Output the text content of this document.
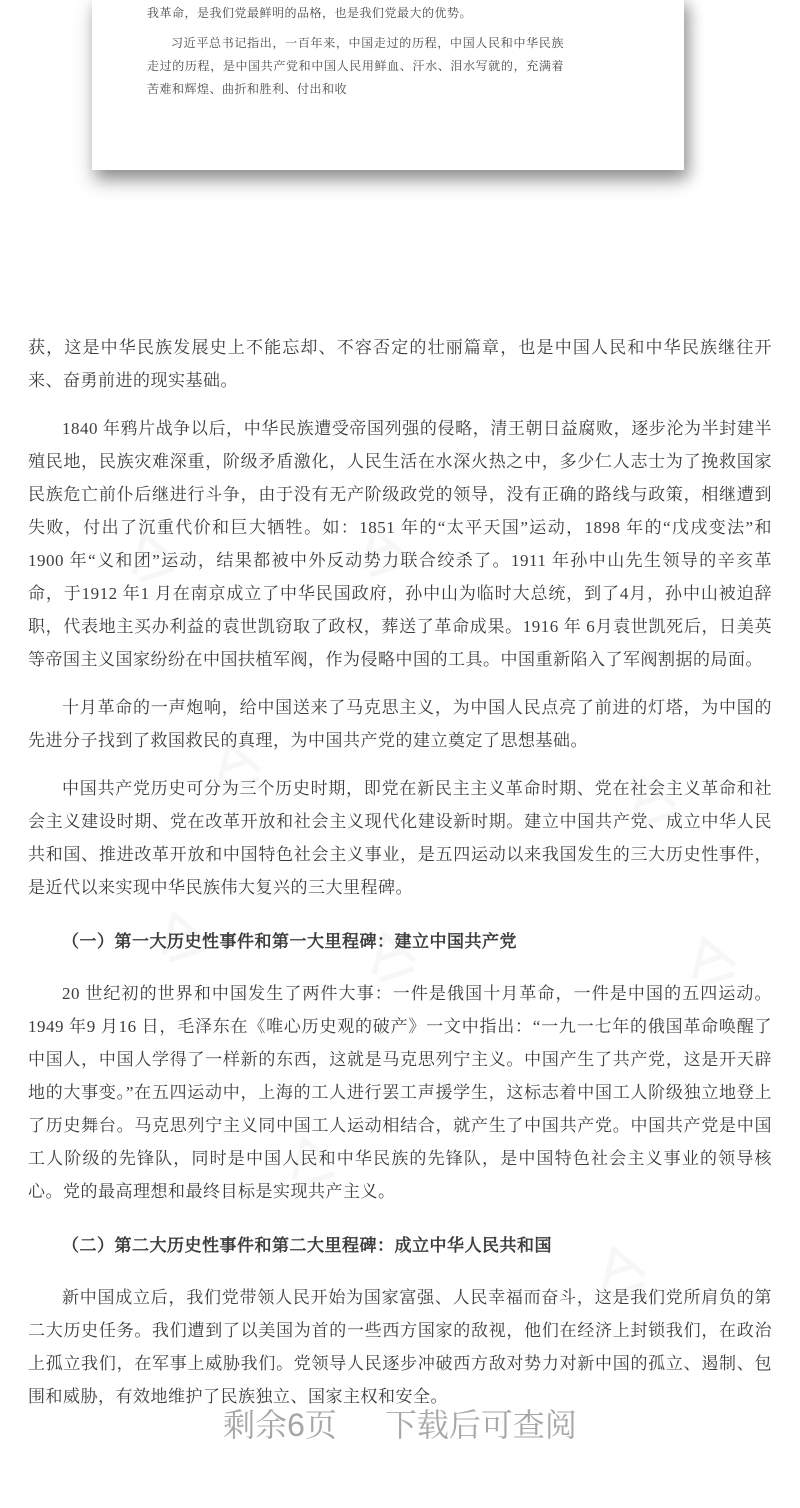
我革命，是我们党最鲜明的品格，也是我们党最大的优势。

习近平总书记指出，一百年来，中国走过的历程，中国人民和中华民族走过的历程，是中国共产党和中国人民用鲜血、汗水、泪水写就的，充满着苦难和辉煌、曲折和胜利、付出和收

获，这是中华民族发展史上不能忘却、不容否定的壮丽篇章，也是中国人民和中华民族继往开来、奋勇前进的现实基础。

1840 年鸦片战争以后，中华民族遭受帝国列强的侵略，清王朝日益腐败，逐步沦为半封建半殖民地，民族灾难深重，阶级矛盾激化，人民生活在水深火热之中，多少仁人志士为了挽救国家民族危亡前仆后继进行斗争，由于没有无产阶级政党的领导，没有正确的路线与政策，相继遭到失败，付出了沉重代价和巨大牺牲。如：1851 年的“太平天国”运动，1898 年的“戊戌变法”和1900 年“义和团”运动，结果都被中外反动势力联合绞杀了。1911 年孙中山先生领导的辛亥革命，于1912 年1 月在南京成立了中华民国政府，孙中山为临时大总统，到了4月，孙中山被迫辞职，代表地主买办利益的袁世凯窃取了政权，葬送了革命成果。1916 年 6月袁世凯死后，日美英等帝国主义国家纷纷在中国扶植军阀，作为侵略中国的工具。中国重新陷入了军阀割据的局面。

十月革命的一声炮响，给中国送来了马克思主义，为中国人民点亮了前进的灯塔，为中国的先进分子找到了救国救民的真理，为中国共产党的建立奠定了思想基础。

中国共产党历史可分为三个历史时期，即党在新民主主义革命时期、党在社会主义革命和社会主义建设时期、党在改革开放和社会主义现代化建设新时期。建立中国共产党、成立中华人民共和国、推进改革开放和中国特色社会主义事业，是五四运动以来我国发生的三大历史性事件，是近代以来实现中华民族伟大复兴的三大里程碑。

（一）第一大历史性事件和第一大里程碑：建立中国共产党

20 世纪初的世界和中国发生了两件大事：一件是俄国十月革命，一件是中国的五四运动。1949 年9 月16 日，毛泽东在《唯心历史观的破产》一文中指出：“一九一七年的俄国革命唤醒了中国人，中国人学得了一样新的东西，这就是马克思列宁主义。中国产生了共产党，这是开天辟地的大事变。”在五四运动中，上海的工人进行罢工声援学生，这标志着中国工人阶级独立地登上了历史舞台。马克思列宁主义同中国工人运动相结合，就产生了中国共产党。中国共产党是中国工人阶级的先锋队，同时是中国人民和中华民族的先锋队，是中国特色社会主义事业的领导核心。党的最高理想和最终目标是实现共产主义。

（二）第二大历史性事件和第二大里程碑：成立中华人民共和国

新中国成立后，我们党带领人民开始为国家富强、人民幸福而奋斗，这是我们党所肩负的第二大历史任务。我们遭到了以美国为首的一些西方国家的敌视，他们在经济上封锁我们，在政治上孤立我们，在军事上威胁我们。党领导人民逐步冲破西方敌对势力对新中国的孤立、遏制、包围和威胁，有效地维护了民族独立、国家主权和安全。

剩余6页 下载后可查阅
